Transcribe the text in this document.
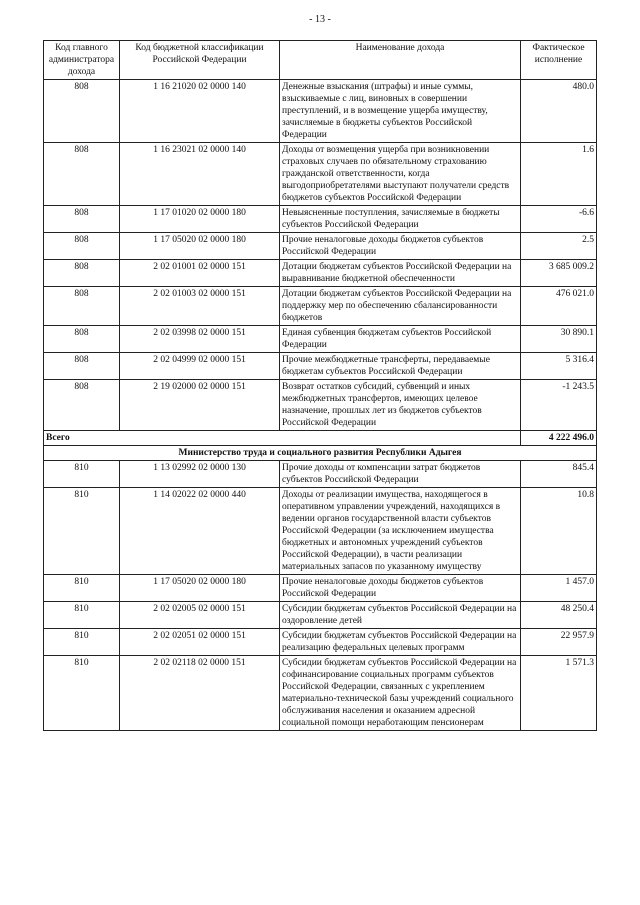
- 13 -
Код главного администратора дохода	Код бюджетной классификации Российской Федерации	Наименование дохода	Фактическое исполнение
808	1 16 21020 02 0000 140	Денежные взыскания (штрафы) и иные суммы, взыскиваемые с лиц, виновных в совершении преступлений, и в возмещение ущерба имуществу, зачисляемые в бюджеты субъектов Российской Федерации	480.0
808	1 16 23021 02 0000 140	Доходы от возмещения ущерба при возникновении страховых случаев по обязательному страхованию гражданской ответственности, когда выгодоприобретателями выступают получатели средств бюджетов субъектов Российской Федерации	1.6
808	1 17 01020 02 0000 180	Невыясненные поступления, зачисляемые в бюджеты субъектов Российской Федерации	-6.6
808	1 17 05020 02 0000 180	Прочие неналоговые доходы бюджетов субъектов Российской Федерации	2.5
808	2 02 01001 02 0000 151	Дотации бюджетам субъектов Российской Федерации на выравнивание бюджетной обеспеченности	3 685 009.2
808	2 02 01003 02 0000 151	Дотации бюджетам субъектов Российской Федерации на поддержку мер по обеспечению сбалансированности бюджетов	476 021.0
808	2 02 03998 02 0000 151	Единая субвенция бюджетам субъектов Российской Федерации	30 890.1
808	2 02 04999 02 0000 151	Прочие межбюджетные трансферты, передаваемые бюджетам субъектов Российской Федерации	5 316.4
808	2 19 02000 02 0000 151	Возврат остатков субсидий, субвенций и иных межбюджетных трансфертов, имеющих целевое назначение, прошлых лет из бюджетов субъектов Российской Федерации	-1 243.5
Всего			4 222 496.0
Министерство труда и социального развития Республики Адыгея			
810	1 13 02992 02 0000 130	Прочие доходы от компенсации затрат бюджетов субъектов Российской Федерации	845.4
810	1 14 02022 02 0000 440	Доходы от реализации имущества, находящегося в оперативном управлении учреждений, находящихся в ведении органов государственной власти субъектов Российской Федерации (за исключением имущества бюджетных и автономных учреждений субъектов Российской Федерации), в части реализации материальных запасов по указанному имуществу	10.8
810	1 17 05020 02 0000 180	Прочие неналоговые доходы бюджетов субъектов Российской Федерации	1 457.0
810	2 02 02005 02 0000 151	Субсидии бюджетам субъектов Российской Федерации на оздоровление детей	48 250.4
810	2 02 02051 02 0000 151	Субсидии бюджетам субъектов Российской Федерации на реализацию федеральных целевых программ	22 957.9
810	2 02 02118 02 0000 151	Субсидии бюджетам субъектов Российской Федерации на софинансирование социальных программ субъектов Российской Федерации, связанных с укреплением материально-технической базы учреждений социального обслуживания населения и оказанием адресной социальной помощи неработающим пенсионерам	1 571.3
